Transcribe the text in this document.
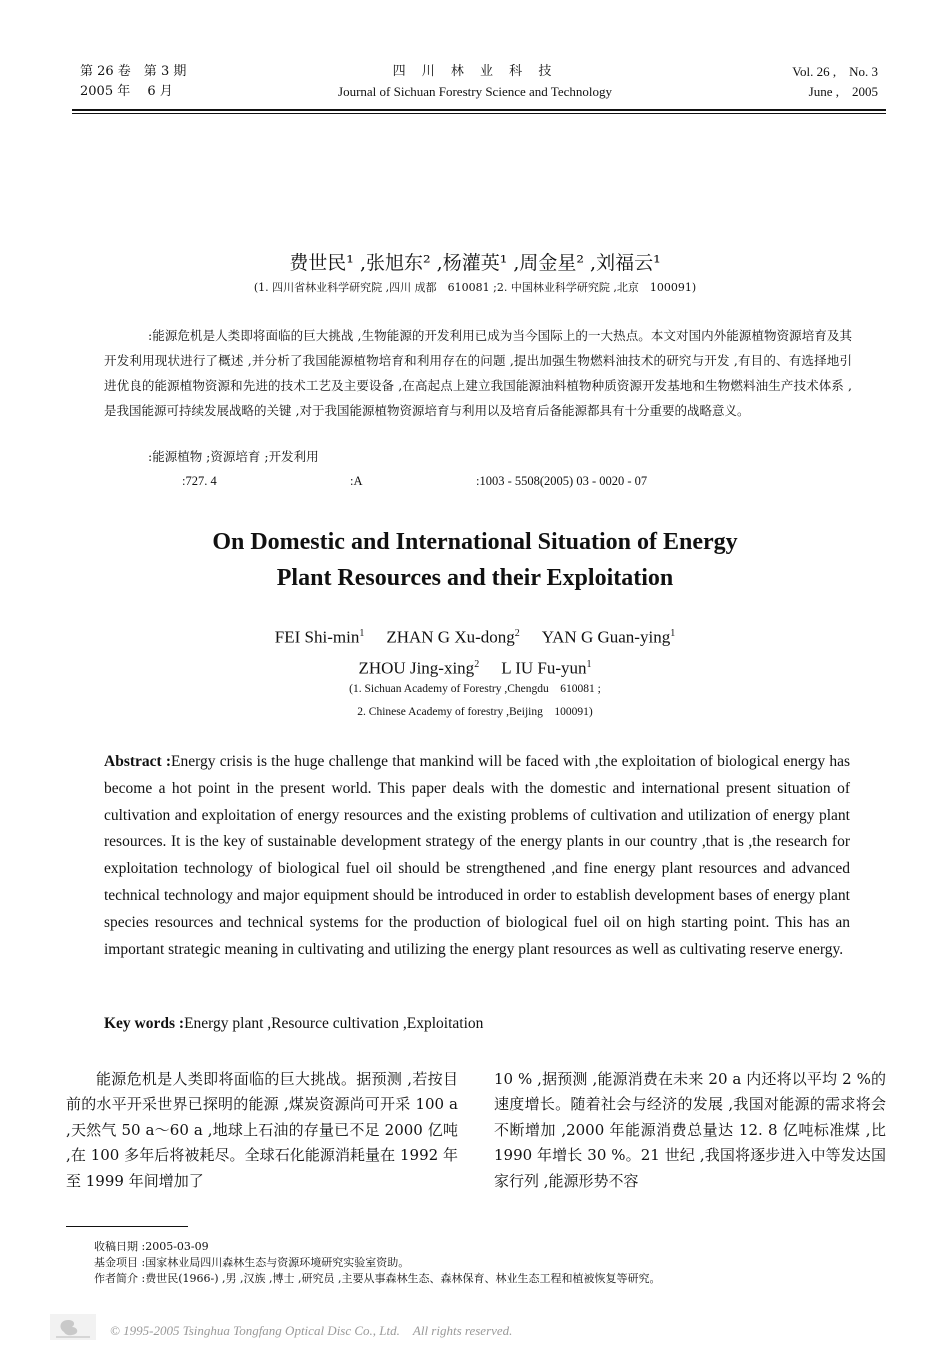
第 26 卷　第 3 期
2005 年　 6 月
四 川 林 业 科 技
Journal of Sichuan Forestry Science and Technology
Vol. 26 ,　No. 3
June ,　2005
费世民¹ ,张旭东² ,杨灌英¹ ,周金星² ,刘福云¹
(1. 四川省林业科学研究院 ,四川 成都　610081 ;2. 中国林业科学研究院 ,北京　100091)
:能源危机是人类即将面临的巨大挑战 ,生物能源的开发利用已成为当今国际上的一大热点。本文对国内外能源植物资源培育及其开发利用现状进行了概述 ,并分析了我国能源植物培育和利用存在的问题 ,提出加强生物燃料油技术的研究与开发 ,有目的、有选择地引进优良的能源植物资源和先进的技术工艺及主要设备 ,在高起点上建立我国能源油料植物种质资源开发基地和生物燃料油生产技术体系 ,是我国能源可持续发展战略的关键 ,对于我国能源植物资源培育与利用以及培育后备能源都具有十分重要的战略意义。
:能源植物 ;资源培育 ;开发利用
:727. 4	:A	:1003 - 5508(2005) 03 - 0020 - 07
On Domestic and International Situation of Energy
Plant Resources and their Exploitation
FEI Shi-$\min^1$ ZHAN G Xu-dong$^2$ YAN G Guan-ying$^1$
ZHOU Jing-xing$^2$ L IU Fu-yun$^1$
(1. Sichuan Academy of Forestry ,Chengdu　610081 ;
2. Chinese Academy of forestry ,Beijing　100091)
Abstract :Energy crisis is the huge challenge that mankind will be faced with ,the exploitation of biological energy has become a hot point in the present world. This paper deals with the domestic and international present situation of cultivation and exploitation of energy resources and the existing problems of cultivation and utilization of energy plant resources. It is the key of sustainable development strategy of the energy plants in our country ,that is ,the research for exploitation technology of biological fuel oil should be strengthened ,and fine energy plant resources and advanced technical technology and major equipment should be introduced in order to establish development bases of energy plant species resources and technical systems for the production of biological fuel oil on high starting point. This has an important strategic meaning in cultivating and utilizing the energy plant resources as well as cultivating reserve energy.
Key words :Energy plant ,Resource cultivation ,Exploitation
能源危机是人类即将面临的巨大挑战。据预测 ,若按目前的水平开采世界已探明的能源 ,煤炭资源尚可开采 100 a ,天然气 50 a～60 a ,地球上石油的存量已不足 2000 亿吨 ,在 100 多年后将被耗尽。全球石化能源消耗量在 1992 年至 1999 年间增加了
10 % ,据预测 ,能源消费在未来 20 a 内还将以平均 2 %的速度增长。随着社会与经济的发展 ,我国对能源的需求将会不断增加 ,2000 年能源消费总量达 12. 8 亿吨标准煤 ,比 1990 年增长 30 %。21 世纪 ,我国将逐步进入中等发达国家行列 ,能源形势不容
收稿日期 :2005-03-09
基金项目 :国家林业局四川森林生态与资源环境研究实验室资助。
作者简介 :费世民(1966-) ,男 ,汉族 ,博士 ,研究员 ,主要从事森林生态、森林保育、林业生态工程和植被恢复等研究。
© 1995-2005 Tsinghua Tongfang Optical Disc Co., Ltd.　All rights reserved.
